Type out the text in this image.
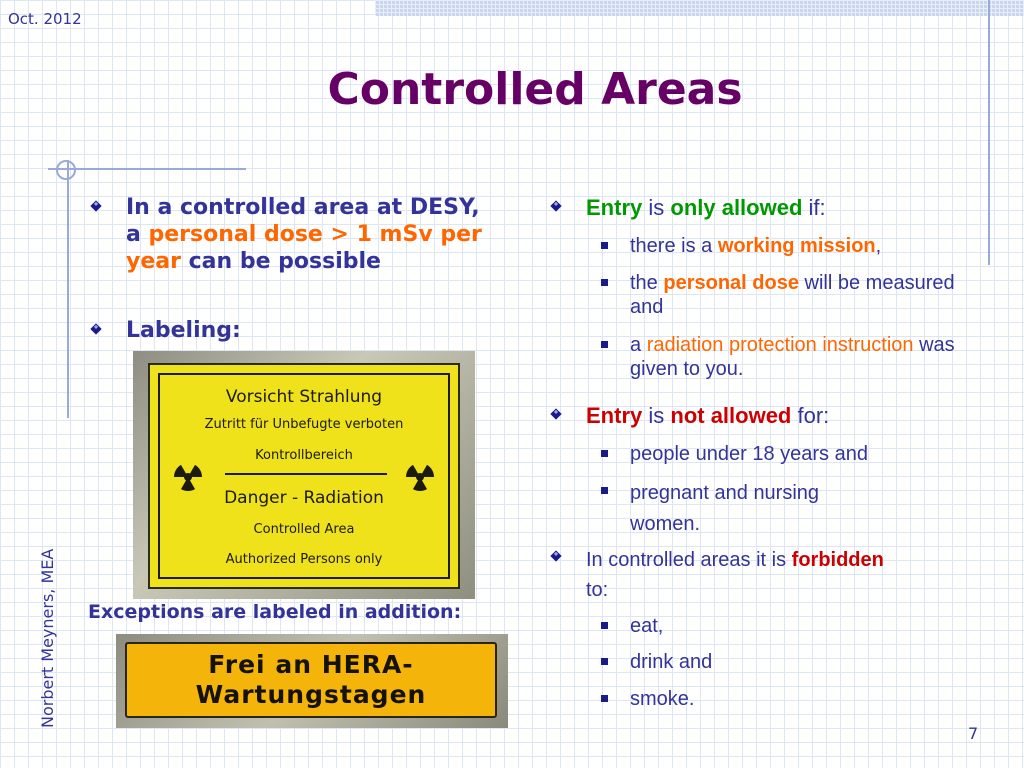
Oct. 2012
Controlled Areas
In a controlled area at DESY, a personal dose > 1 mSv per year can be possible
Labeling:
Vorsicht Strahlung
Zutritt für Unbefugte verboten
Kontrollbereich
Danger - Radiation
Controlled Area
Authorized Persons only
Exceptions are labeled in addition:
Frei an HERA-
Wartungstagen
Entry is only allowed if:
there is a working mission,
the personal dose will be measured and
a radiation protection instruction was given to you.
Entry is not allowed for:
people under 18 years and
pregnant and nursing women.
In controlled areas it is forbidden to:
eat,
drink and
smoke.
Norbert Meyners, MEA
7
